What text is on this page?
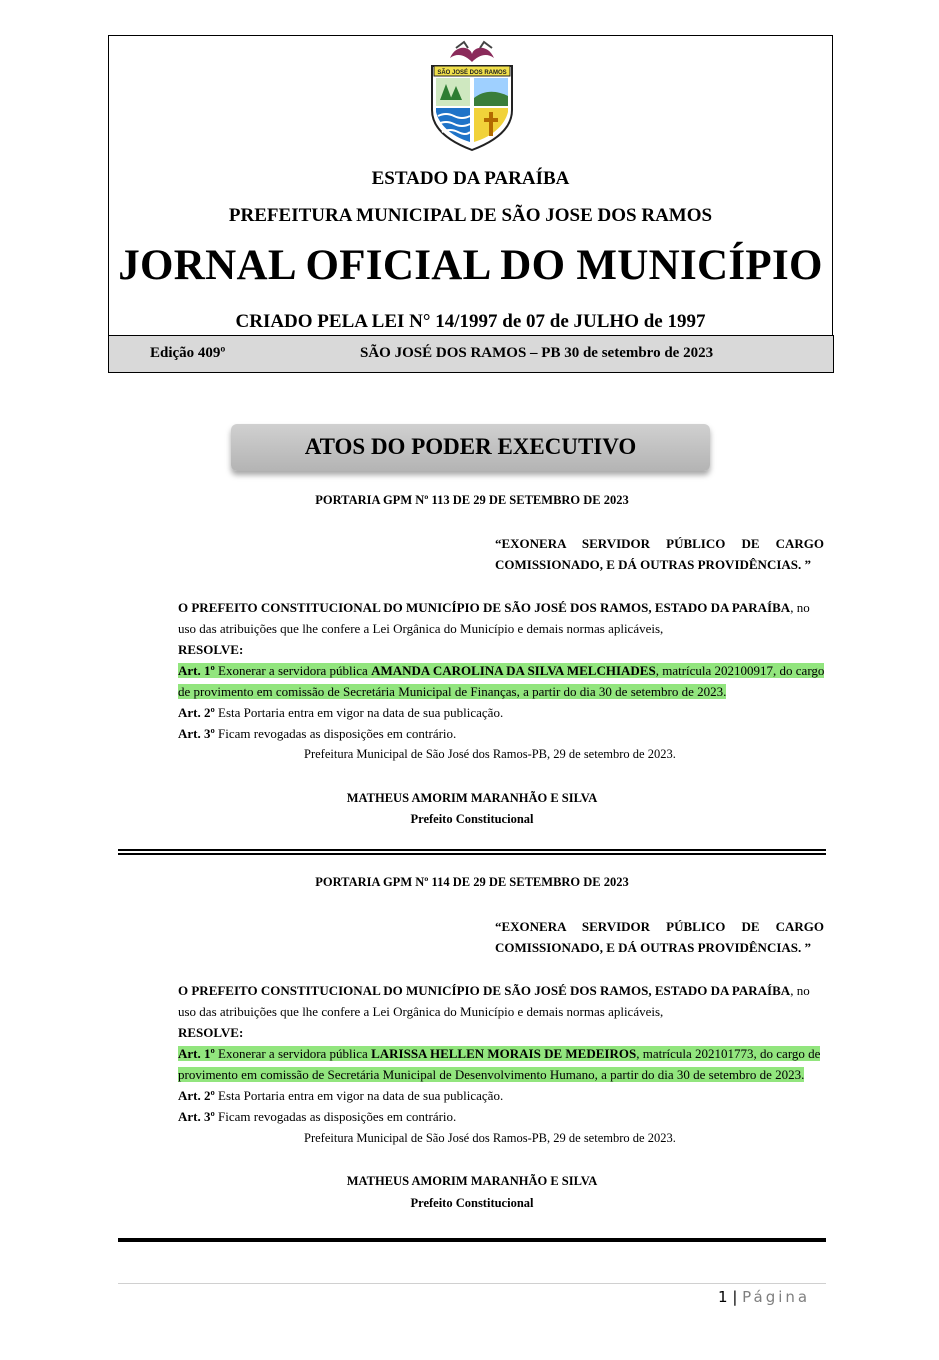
SÃO JOSÉ DOS RAMOS
ESTADO DA PARAÍBA
PREFEITURA MUNICIPAL DE SÃO JOSE DOS RAMOS
JORNAL OFICIAL DO MUNICÍPIO
CRIADO PELA LEI N° 14/1997 de 07 de JULHO de 1997
Edição 409º	SÃO JOSÉ DOS RAMOS – PB 30 de setembro de 2023
ATOS DO PODER EXECUTIVO
PORTARIA GPM Nº 113 DE 29 DE SETEMBRO DE 2023
“EXONERA SERVIDOR PÚBLICO DE CARGO

COMISSIONADO, E DÁ OUTRAS PROVIDÊNCIAS. ”
O PREFEITO CONSTITUCIONAL DO MUNICÍPIO DE SÃO JOSÉ DOS RAMOS, ESTADO DA PARAÍBA, no uso das atribuições que lhe confere a Lei Orgânica do Município e demais normas aplicáveis,
RESOLVE:
Art. 1º Exonerar a servidora pública AMANDA CAROLINA DA SILVA MELCHIADES, matrícula 202100917, do cargo de provimento em comissão de Secretária Municipal de Finanças, a partir do dia 30 de setembro de 2023.
Art. 2º Esta Portaria entra em vigor na data de sua publicação.
Art. 3º Ficam revogadas as disposições em contrário.
Prefeitura Municipal de São José dos Ramos-PB, 29 de setembro de 2023.
MATHEUS AMORIM MARANHÃO E SILVA
Prefeito Constitucional
PORTARIA GPM Nº 114 DE 29 DE SETEMBRO DE 2023
“EXONERA SERVIDOR PÚBLICO DE CARGO

COMISSIONADO, E DÁ OUTRAS PROVIDÊNCIAS. ”
O PREFEITO CONSTITUCIONAL DO MUNICÍPIO DE SÃO JOSÉ DOS RAMOS, ESTADO DA PARAÍBA, no uso das atribuições que lhe confere a Lei Orgânica do Município e demais normas aplicáveis,
RESOLVE:
Art. 1º Exonerar a servidora pública LARISSA HELLEN MORAIS DE MEDEIROS, matrícula 202101773, do cargo de provimento em comissão de Secretária Municipal de Desenvolvimento Humano, a partir do dia 30 de setembro de 2023.
Art. 2º Esta Portaria entra em vigor na data de sua publicação.
Art. 3º Ficam revogadas as disposições em contrário.
Prefeitura Municipal de São José dos Ramos-PB, 29 de setembro de 2023.
MATHEUS AMORIM MARANHÃO E SILVA
Prefeito Constitucional
1 | Página
